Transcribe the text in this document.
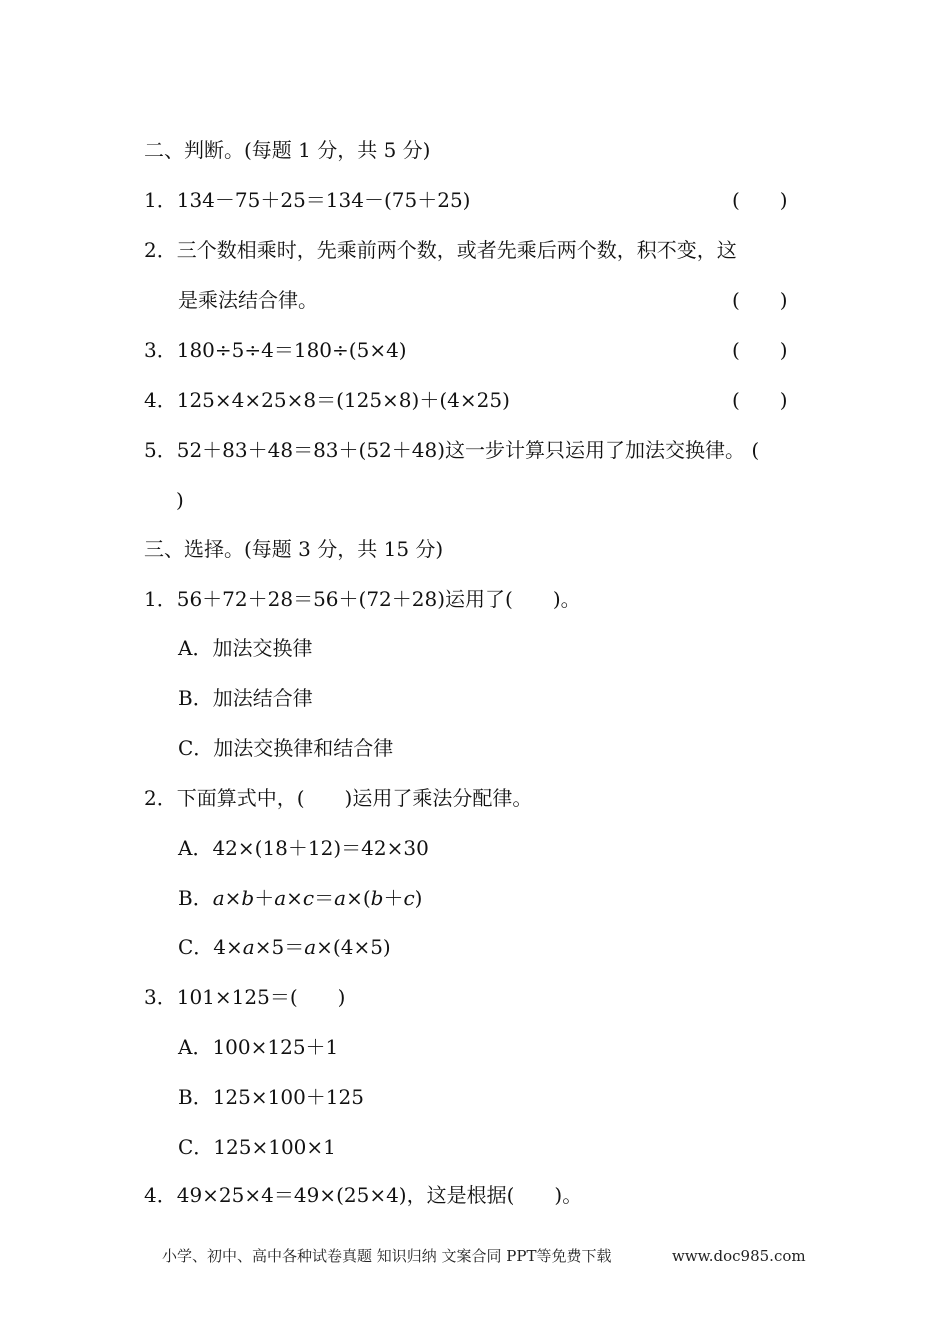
二、判断。(每题 1 分，共 5 分)
1．134－75＋25＝134－(75＋25)	(　　)
2．三个数相乘时，先乘前两个数，或者先乘后两个数，积不变，这
是乘法结合律。	(　　)
3．180÷5÷4＝180÷(5×4)	(　　)
4．125×4×25×8＝(125×8)＋(4×25)	(　　)
5．52＋83＋48＝83＋(52＋48)这一步计算只运用了加法交换律。 (
)
三、选择。(每题 3 分，共 15 分)
1．56＋72＋28＝56＋(72＋28)运用了(　　)。
A．加法交换律
B．加法结合律
C．加法交换律和结合律
2．下面算式中，(　　)运用了乘法分配律。
A．42×(18＋12)＝42×30
B．a×b＋a×c＝a×(b＋c)
C．4×a×5＝a×(4×5)
3．101×125＝(　　)
A．100×125＋1
B．125×100＋125
C．125×100×1
4．49×25×4＝49×(25×4)，这是根据(　　)。
小学、初中、高中各种试卷真题 知识归纳 文案合同 PPT等免费下载	www.doc985.com
